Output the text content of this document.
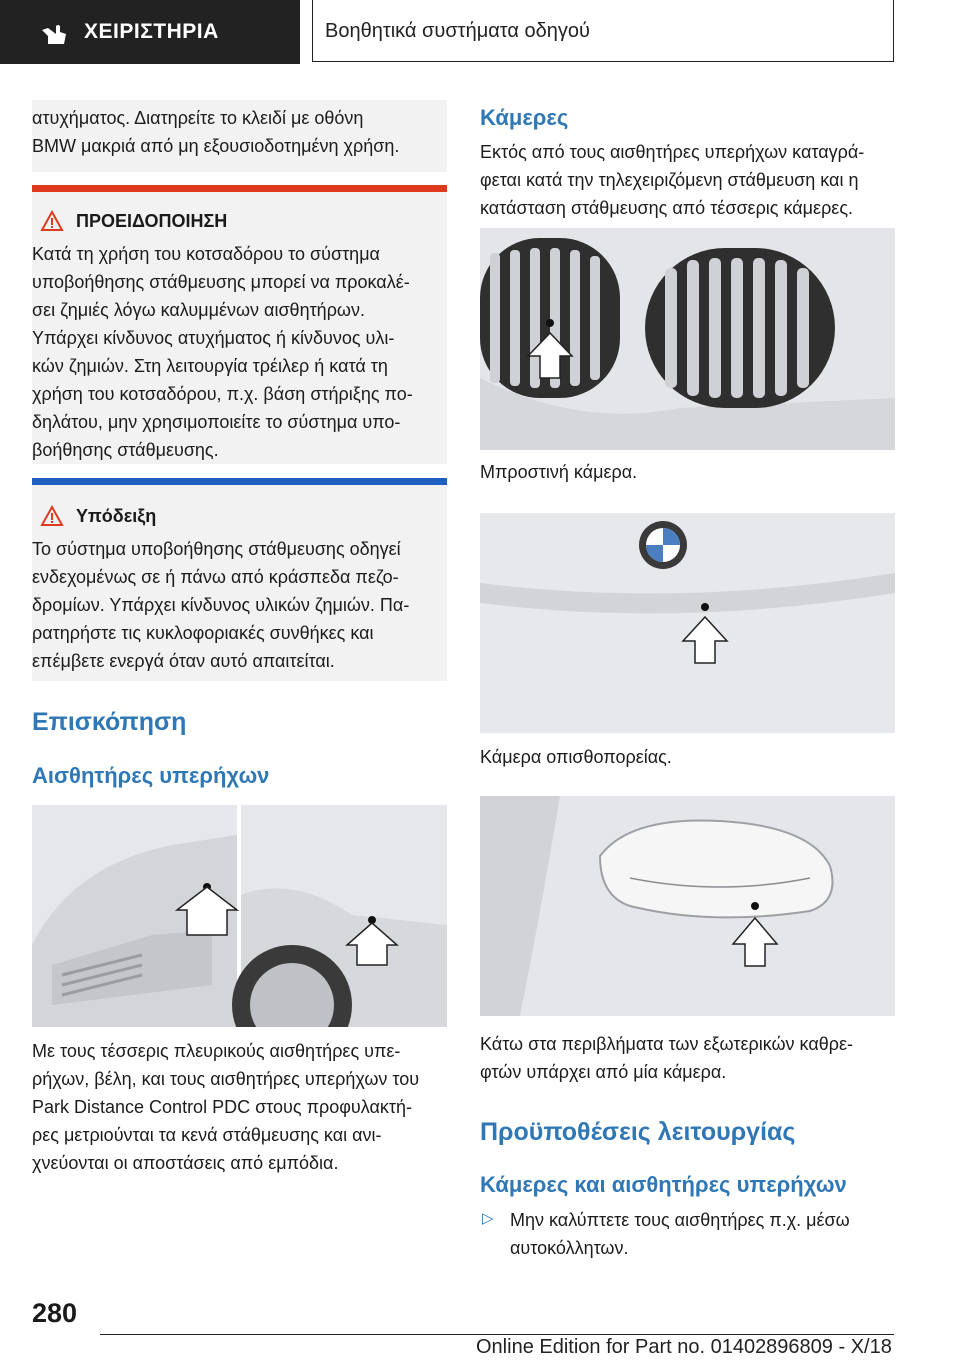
ΧΕΙΡΙΣΤΗΡΙΑ	Βοηθητικά συστήματα οδηγού

ατυχήματος. Διατηρείτε το κλειδί με οθόνη

BMW μακριά από μη εξουσιοδοτημένη χρήση.

ΠΡΟΕΙΔΟΠΟΙΗΣΗ

Κατά τη χρήση του κοτσαδόρου το σύστημα

υποβοήθησης στάθμευσης μπορεί να προκαλέ-

σει ζημιές λόγω καλυμμένων αισθητήρων.

Υπάρχει κίνδυνος ατυχήματος ή κίνδυνος υλι-

κών ζημιών. Στη λειτουργία τρέιλερ ή κατά τη

χρήση του κοτσαδόρου, π.χ. βάση στήριξης πο-

δηλάτου, μην χρησιμοποιείτε το σύστημα υπο-

βοήθησης στάθμευσης.

Υπόδειξη

Το σύστημα υποβοήθησης στάθμευσης οδηγεί

ενδεχομένως σε ή πάνω από κράσπεδα πεζο-

δρομίων. Υπάρχει κίνδυνος υλικών ζημιών. Πα-

ρατηρήστε τις κυκλοφοριακές συνθήκες και

επέμβετε ενεργά όταν αυτό απαιτείται.

Επισκόπηση
Αισθητήρες υπερήχων

Με τους τέσσερις πλευρικούς αισθητήρες υπε-

ρήχων, βέλη, και τους αισθητήρες υπερήχων του

Park Distance Control PDC στους προφυλακτή-

ρες μετριούνται τα κενά στάθμευσης και ανι-

χνεύονται οι αποστάσεις από εμπόδια.

Κάμερες

Εκτός από τους αισθητήρες υπερήχων καταγρά-

φεται κατά την τηλεχειριζόμενη στάθμευση και η

κατάσταση στάθμευσης από τέσσερις κάμερες.

Μπροστινή κάμερα.
Κάμερα οπισθοπορείας.

Κάτω στα περιβλήματα των εξωτερικών καθρε-

φτών υπάρχει από μία κάμερα.

Προϋποθέσεις λειτουργίας
Κάμερες και αισθητήρες υπερήχων
▷ Μην καλύπτετε τους αισθητήρες π.χ. μέσω

αυτοκόλλητων.

280
Online Edition for Part no. 01402896809 - X/18
